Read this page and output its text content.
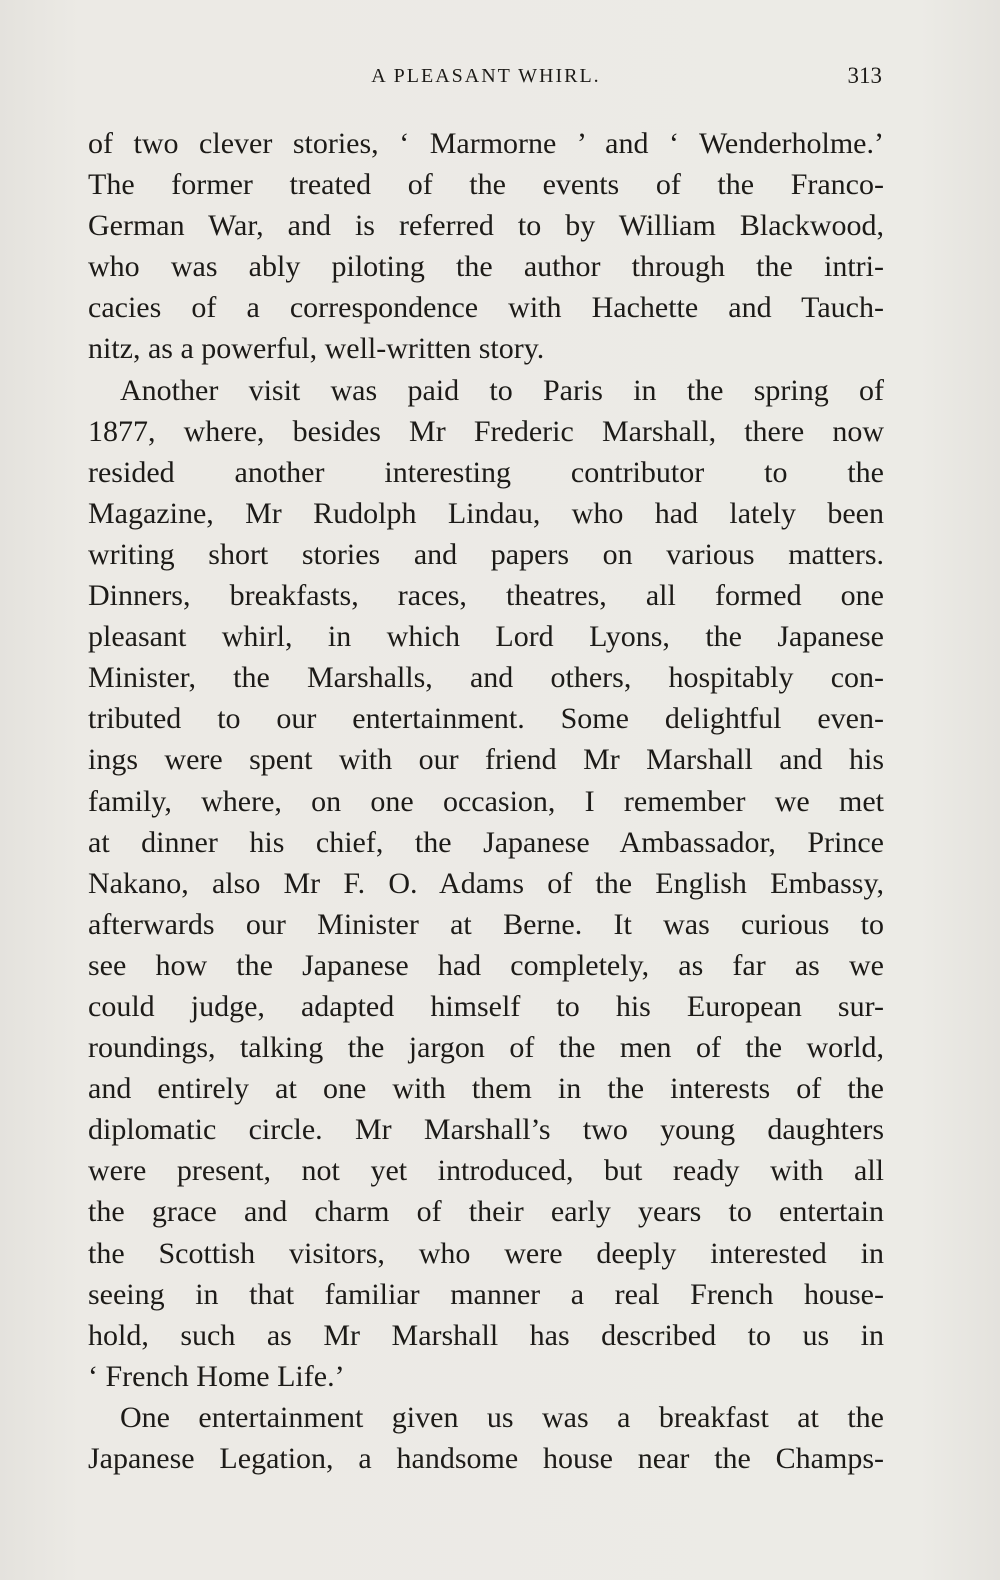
A PLEASANT WHIRL.	313
of two clever stories, ‘ Marmorne ’ and ‘ Wenderholme.’
The former treated of the events of the Franco-
German War, and is referred to by William Blackwood,
who was ably piloting the author through the intri-
cacies of a correspondence with Hachette and Tauch-
nitz, as a powerful, well-written story.
Another visit was paid to Paris in the spring of
1877, where, besides Mr Frederic Marshall, there now
resided another interesting contributor to the
Magazine, Mr Rudolph Lindau, who had lately been
writing short stories and papers on various matters.
Dinners, breakfasts, races, theatres, all formed one
pleasant whirl, in which Lord Lyons, the Japanese
Minister, the Marshalls, and others, hospitably con-
tributed to our entertainment. Some delightful even-
ings were spent with our friend Mr Marshall and his
family, where, on one occasion, I remember we met
at dinner his chief, the Japanese Ambassador, Prince
Nakano, also Mr F. O. Adams of the English Embassy,
afterwards our Minister at Berne. It was curious to
see how the Japanese had completely, as far as we
could judge, adapted himself to his European sur-
roundings, talking the jargon of the men of the world,
and entirely at one with them in the interests of the
diplomatic circle. Mr Marshall’s two young daughters
were present, not yet introduced, but ready with all
the grace and charm of their early years to entertain
the Scottish visitors, who were deeply interested in
seeing in that familiar manner a real French house-
hold, such as Mr Marshall has described to us in
‘ French Home Life.’
One entertainment given us was a breakfast at the
Japanese Legation, a handsome house near the Champs-
